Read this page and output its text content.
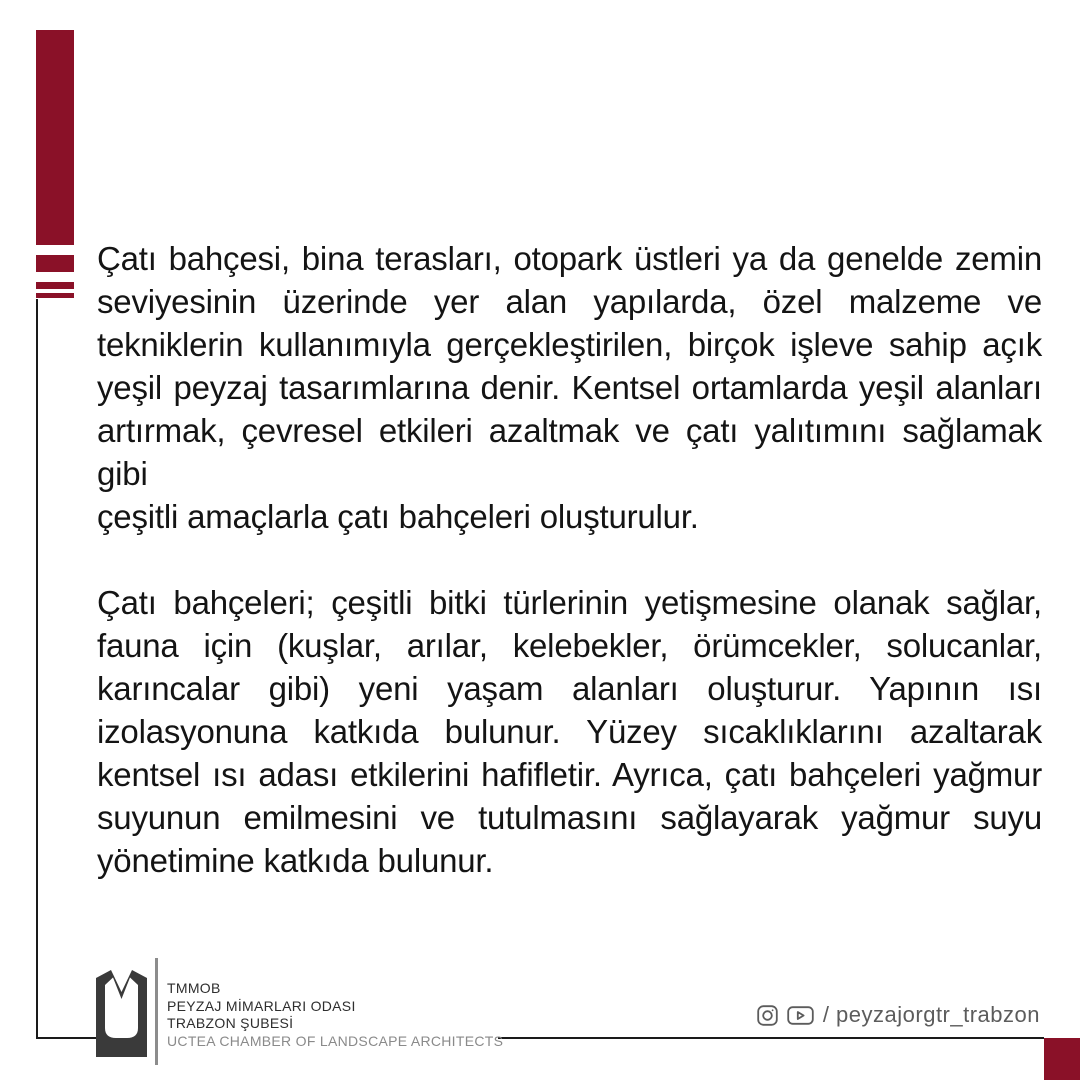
Çatı bahçesi, bina terasları, otopark üstleri ya da genelde zemin
seviyesinin üzerinde yer alan yapılarda, özel malzeme ve
tekniklerin kullanımıyla gerçekleştirilen, birçok işleve sahip açık
yeşil peyzaj tasarımlarına denir. Kentsel ortamlarda yeşil alanları
artırmak, çevresel etkileri azaltmak ve çatı yalıtımını sağlamak gibi
çeşitli amaçlarla çatı bahçeleri oluşturulur.
Çatı bahçeleri; çeşitli bitki türlerinin yetişmesine olanak sağlar,
fauna için (kuşlar, arılar, kelebekler, örümcekler, solucanlar,
karıncalar gibi) yeni yaşam alanları oluşturur. Yapının ısı
izolasyonuna katkıda bulunur. Yüzey sıcaklıklarını azaltarak
kentsel ısı adası etkilerini hafifletir. Ayrıca, çatı bahçeleri yağmur
suyunun emilmesini ve tutulmasını sağlayarak yağmur suyu
yönetimine katkıda bulunur.
TMMOB
PEYZAJ MİMARLARI ODASI
TRABZON ŞUBESİ
UCTEA CHAMBER OF LANDSCAPE ARCHITECTS
/ peyzajorgtr_trabzon
